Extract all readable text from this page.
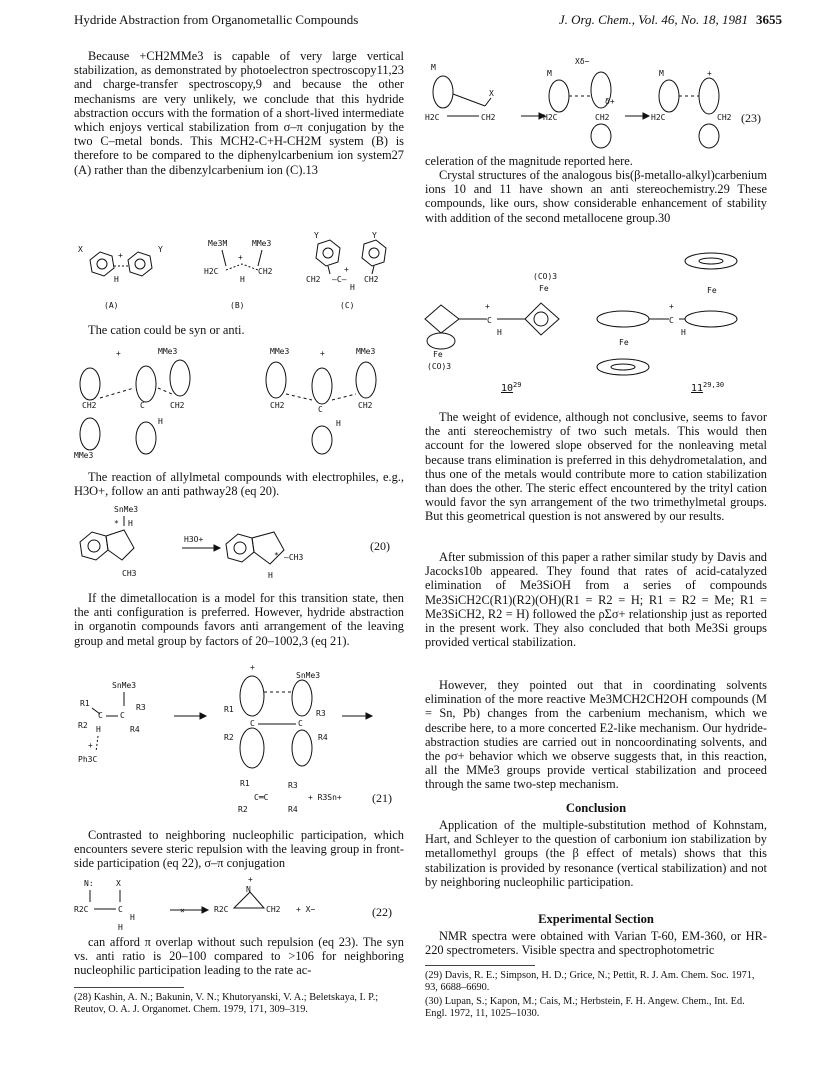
Hydride Abstraction from Organometallic Compounds	J. Org. Chem., Vol. 46, No. 18, 1981 3655

Because +CH2MMe3 is capable of very large vertical stabilization, as demonstrated by photoelectron spectroscopy11,23 and charge-transfer spectroscopy,9 and because the other mechanisms are very unlikely, we conclude that this hydride abstraction occurs with the formation of a short-lived intermediate which enjoys vertical stabilization from σ–π conjugation by the two C–metal bonds. This MCH2-C+H-CH2M system (B) is therefore to be compared to the diphenylcarbenium ion system27 (A) rather than the dibenzylcarbenium ion (C).13

X	Y
+
H
(A)
Me3M	MMe3
H2C	CH2
+
H
(B)
Y	Y
CH2 —C— CH2
+
H
(C)

The cation could be syn or anti.

+	MMe3
CH2	C	CH2
H
MMe3
MMe3	+	MMe3
CH2	C	CH2
H

The reaction of allylmetal compounds with electrophiles, e.g., H3O+, follow an anti pathway28 (eq 20).

SnMe3
* H
CH3
H3O+
* —CH3
H
(20)

If the dimetallocation is a model for this transition state, then the anti configuration is preferred. However, hydride abstraction in organotin compounds favors anti arrangement of the leaving group and metal group by factors of 20–1002,3 (eq 21).

SnMe3
R1
C C
R3
R2 H	R4
+
Ph3C
+
SnMe3
R1
C	C
R3
R2	R4
R1
C═C
R3
R2	R4
+ R3Sn+	(21)

Contrasted to neighboring nucleophilic participation, which encounters severe steric repulsion with the leaving group in front-side participation (eq 22), σ–π conjugation

N:	X
R2C	C
H
H
×	R2C
+
N
CH2 + X−	(22)

can afford π overlap without such repulsion (eq 23). The syn vs. anti ratio is 20–100 compared to >106 for neighboring nucleophilic participation leading to the rate ac-

(28) Kashin, A. N.; Bakunin, V. N.; Khutoryanski, V. A.; Beletskaya, I. P.; Reutov, O. A. J. Organomet. Chem. 1979, 171, 309–319.
M
X
H2C	CH2
Xδ−
M
δ+
H2C	CH2
M	+
H2C	CH2 (23)

celeration of the magnitude reported here.

Crystal structures of the analogous bis(β-metallo-alkyl)carbenium ions 10 and 11 have shown an anti stereochemistry.29 These compounds, like ours, show considerable enhancement of stability with addition of the second metallocene group.30

(CO)3
Fe
C
+
H
Fe
(CO)3
$10^{29}$
Fe
C
+
H
Fe
11$^{29,30}$

The weight of evidence, although not conclusive, seems to favor the anti stereochemistry of two such metals. This would then account for the lowered slope observed for the nonleaving metal because trans elimination is preferred in this dehydrometalation, and thus one of the metals would contribute more to cation stabilization than does the other. The steric effect encountered by the trityl cation would favor the syn arrangement of the two trimethylmetal groups. But this geometrical question is not answered by our results.

After submission of this paper a rather similar study by Davis and Jacocks10b appeared. They found that rates of acid-catalyzed elimination of Me3SiOH from a series of compounds Me3SiCH2C(R1)(R2)(OH)(R1 = R2 = H; R1 = R2 = Me; R1 = Me3SiCH2, R2 = H) followed the ρΣσ+ relationship just as reported in the present work. They also concluded that both Me3Si groups provided vertical stabilization.

However, they pointed out that in coordinating solvents elimination of the more reactive Me3MCH2CH2OH compounds (M = Sn, Pb) changes from the carbenium mechanism, which we describe here, to a more concerted E2-like mechanism. Our hydride-abstraction studies are carried out in noncoordinating solvents, and the ρσ+ behavior which we observe suggests that, in this reaction, all the MMe3 groups provide vertical stabilization and proceed through the same two-step mechanism.

Conclusion

Application of the multiple-substitution method of Kohnstam, Hart, and Schleyer to the question of carbonium ion stabilization by metallomethyl groups (the β effect of metals) shows that this stabilization is provided by resonance (vertical stabilization) and not by neighboring nucleophilic participation.

Experimental Section

NMR spectra were obtained with Varian T-60, EM-360, or HR-220 spectrometers. Visible spectra and spectrophotometric

(29) Davis, R. E.; Simpson, H. D.; Grice, N.; Pettit, R. J. Am. Chem. Soc. 1971, 93, 6688–6690.
(30) Lupan, S.; Kapon, M.; Cais, M.; Herbstein, F. H. Angew. Chem., Int. Ed. Engl. 1972, 11, 1025–1030.
